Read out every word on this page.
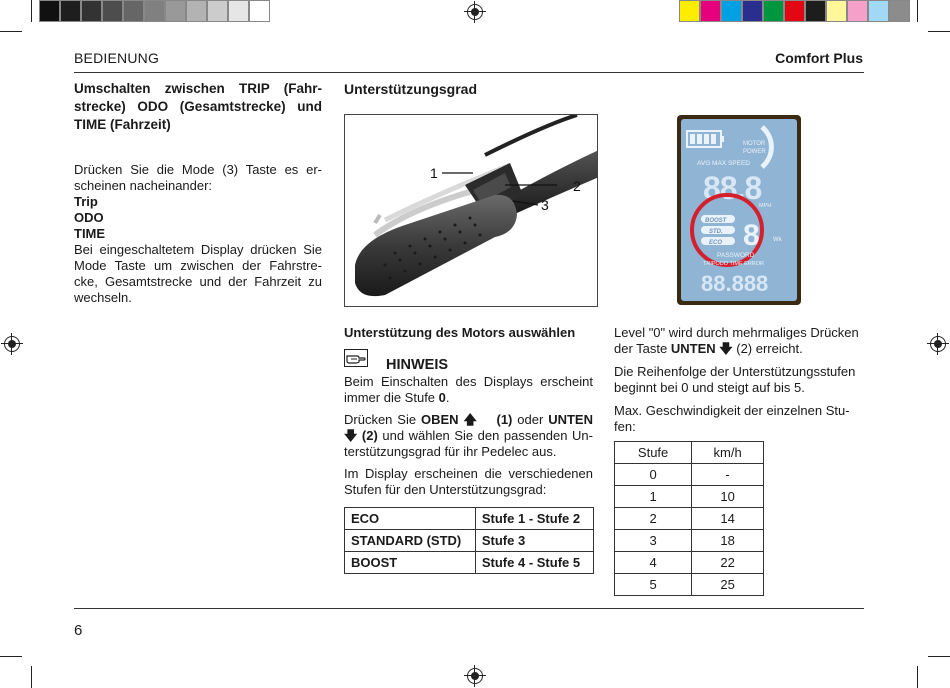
BEDIENUNG	Comfort Plus
Umschalten zwischen TRIP (Fahr-strecke) ODO (Gesamtstrecke) und TIME (Fahrzeit)

Drücken Sie die Mode (3) Taste es er-scheinen nacheinander:

Trip

ODO

TIME

Bei eingeschaltetem Display drücken Sie Mode Taste um zwischen der Fahrstre-cke, Gesamtstrecke und der Fahrzeit zu wechseln.

Unterstützungsgrad
1
2
3
Unterstützung des Motors auswählen
HINWEIS

Beim Einschalten des Displays erscheint immer die Stufe 0.

Drücken Sie OBEN 🡅 (1) oder UNTEN 🡇 (2) und wählen Sie den passenden Un-terstützungsgrad für ihr Pedelec aus.

Im Display erscheinen die verschiedenen Stufen für den Unterstützungsgrad:

ECO	Stufe 1 - Stufe 2
STANDARD (STD)	Stufe 3
BOOST	Stufe 4 - Stufe 5
MOTOR
POWER
AVG MAX SPEED
88.8
MPH
BOOST
STD.
ECO 8 Wk
PASSWORD
TRIPODO TIME ERROR
88.888

Level "0" wird durch mehrmaliges Drücken der Taste UNTEN 🡇 (2) erreicht.

Die Reihenfolge der Unterstützungsstufen beginnt bei 0 und steigt auf bis 5.

Max. Geschwindigkeit der einzelnen Stu-fen:

Stufe	km/h
0	-
1	10
2	14
3	18
4	22
5	25
6
